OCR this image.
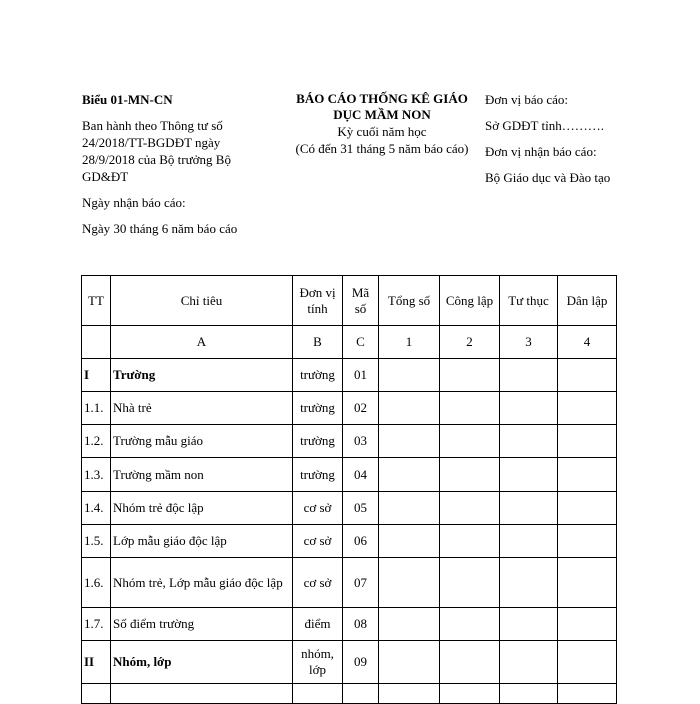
Biểu 01-MN-CN

Ban hành theo Thông tư số 24/2018/TT-BGDĐT ngày 28/9/2018 của Bộ trưởng Bộ GD&ĐT

Ngày nhận báo cáo:

Ngày 30 tháng 6 năm báo cáo

BÁO CÁO THỐNG KÊ GIÁO DỤC MẦM NON
Kỳ cuối năm học
(Có đến 31 tháng 5 năm báo cáo)

Đơn vị báo cáo:

Sở GDĐT tỉnh……….

Đơn vị nhận báo cáo:

Bộ Giáo dục và Đào tạo

TT	Chỉ tiêu	Đơn vị tính	Mã số	Tổng số	Công lập	Tư thục	Dân lập
	A	B	C	1	2	3	4
I	Trường	trường	01				
1.1.	Nhà trẻ	trường	02				
1.2.	Trường mẫu giáo	trường	03				
1.3.	Trường mầm non	trường	04				
1.4.	Nhóm trẻ độc lập	cơ sở	05				
1.5.	Lớp mẫu giáo độc lập	cơ sở	06				
1.6.	Nhóm trẻ, Lớp mẫu giáo độc lập	cơ sở	07				
1.7.	Số điểm trường	điểm	08				
II	Nhóm, lớp	nhóm, lớp	09				
